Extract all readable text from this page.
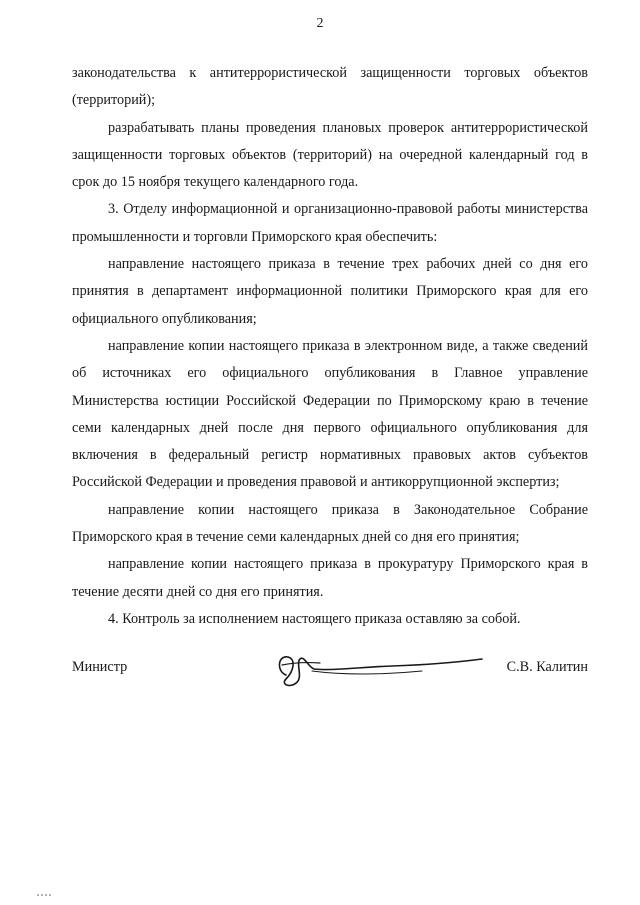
2

законодательства к антитеррористической защищенности торговых объектов (территорий);

разрабатывать планы проведения плановых проверок антитеррористической защищенности торговых объектов (территорий) на очередной календарный год в срок до 15 ноября текущего календарного года.

3. Отделу информационной и организационно-правовой работы министерства промышленности и торговли Приморского края обеспечить:

направление настоящего приказа в течение трех рабочих дней со дня его принятия в департамент информационной политики Приморского края для его официального опубликования;

направление копии настоящего приказа в электронном виде, а также сведений об источниках его официального опубликования в Главное управление Министерства юстиции Российской Федерации по Приморскому краю в течение семи календарных дней после дня первого официального опубликования для включения в федеральный регистр нормативных правовых актов субъектов Российской Федерации и проведения правовой и антикоррупционной экспертиз;

направление копии настоящего приказа в Законодательное Собрание Приморского края в течение семи календарных дней со дня его принятия;

направление копии настоящего приказа в прокуратуру Приморского края в течение десяти дней со дня его принятия.

4. Контроль за исполнением настоящего приказа оставляю за собой.

Министр	С.В. Калитин
